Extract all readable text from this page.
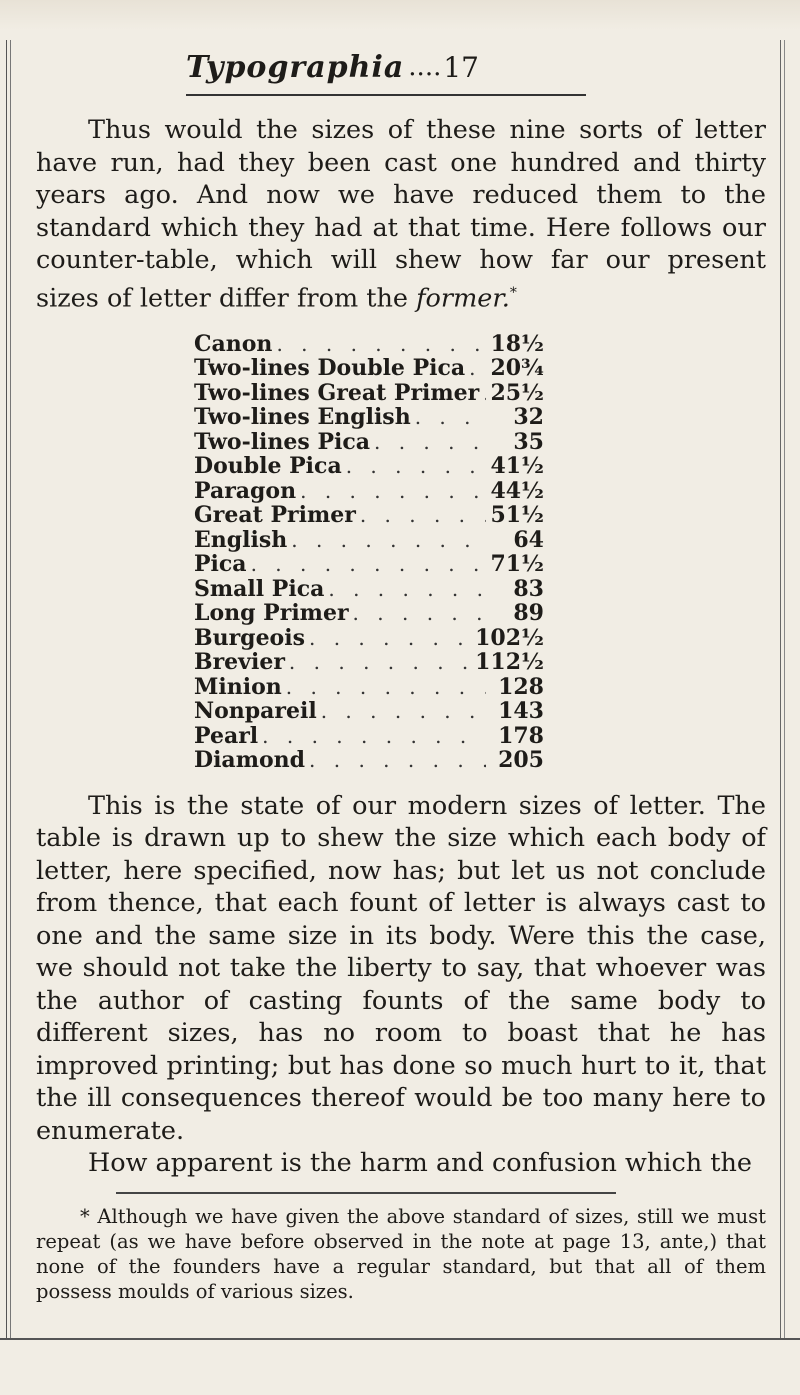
Typographia .... 17

Thus would the sizes of these nine sorts of letter have run, had they been cast one hundred and thirty years ago. And now we have reduced them to the standard which they had at that time. Here follows our counter-table, which will shew how far our present sizes of letter differ from the former.*

Canon . . .	18½
Two-lines Double Pica . . . 20¾
Two-lines Great Primer . . . 25½
Two-lines English . . .	32
Two-lines Pica . . .	35
Double Pica . . .	41½
Paragon . . .	44½
Great Primer . . .	51½
English . . .	64
Pica . . .	71½
Small Pica . . .	83
Long Primer . . .	89
Burgeois . . .	102½
Brevier . . .	112½
Minion . . .	128
Nonpareil . . .	143
Pearl . . .	178
Diamond . . .	205

This is the state of our modern sizes of letter. The table is drawn up to shew the size which each body of letter, here specified, now has; but let us not conclude from thence, that each fount of letter is always cast to one and the same size in its body. Were this the case, we should not take the liberty to say, that whoever was the author of casting founts of the same body to different sizes, has no room to boast that he has improved printing; but has done so much hurt to it, that the ill consequences thereof would be too many here to enumerate.

How apparent is the harm and confusion which the

* Although we have given the above standard of sizes, still we must repeat (as we have before observed in the note at page 13, ante,) that none of the founders have a regular standard, but that all of them possess moulds of various sizes.
